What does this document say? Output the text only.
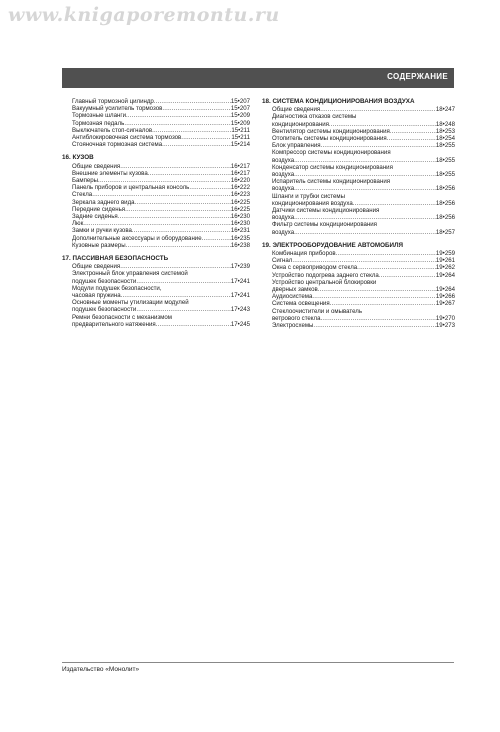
www.knigaporemontu.ru
СОДЕРЖАНИЕ
Главный тормозной цилиндр .....	15•207
Вакуумный усилитель тормозов .....	15•207
Тормозные шланги .....	15•209
Тормозная педаль .....	15•209
Выключатель стоп-сигналов .....	15•211
Антиблокировочная система тормозов .....	15•211
Стояночная тормозная система .....	15•214
16. КУЗОВ
Общие сведения .....	16•217
Внешние элементы кузова .....	16•217
Бамперы .....	16•220
Панель приборов и центральная консоль .....	16•222
Стекла .....	16•223
Зеркала заднего вида .....	16•225
Передние сиденья .....	16•225
Задние сиденья .....	16•230
Люк .....	16•230
Замки и ручки кузова .....	16•231
Дополнительные аксессуары и оборудование .....	16•235
Кузовные размеры .....	16•238
17. ПАССИВНАЯ БЕЗОПАСНОСТЬ
Общие сведения .....	17•239
Электронный блок управления системой
подушек безопасности .....	17•241
Модули подушек безопасности,
часовая пружина .....	17•241
Основные моменты утилизации модулей
подушек безопасности .....	17•243
Ремни безопасности с механизмом
предварительного натяжения .....	17•245
18. СИСТЕМА КОНДИЦИОНИРОВАНИЯ ВОЗДУХА
Общие сведения .....	18•247
Диагностика отказов системы
кондиционирования .....	18•248
Вентилятор системы кондиционирования .....	18•253
Отопитель системы кондиционирования .....	18•254
Блок управления .....	18•255
Компрессор системы кондиционирования
воздуха .....	18•255
Конденсатор системы кондиционирования
воздуха .....	18•255
Испаритель системы кондиционирования
воздуха .....	18•256
Шланги и трубки системы
кондиционирования воздуха .....	18•256
Датчики системы кондиционирования
воздуха .....	18•256
Фильтр системы кондиционирования
воздуха .....	18•257
19. ЭЛЕКТРООБОРУДОВАНИЕ АВТОМОБИЛЯ
Комбинация приборов .....	19•259
Сигнал .....	19•261
Окна с сервоприводом стекла .....	19•262
Устройство подогрева заднего стекла .....	19•264
Устройство центральной блокировки
дверных замков .....	19•264
Аудиосистема .....	19•266
Система освещения .....	19•267
Стеклоочистители и омыватель
ветрового стекла .....	19•270
Электросхемы .....	19•273
Издательство «Монолит»
